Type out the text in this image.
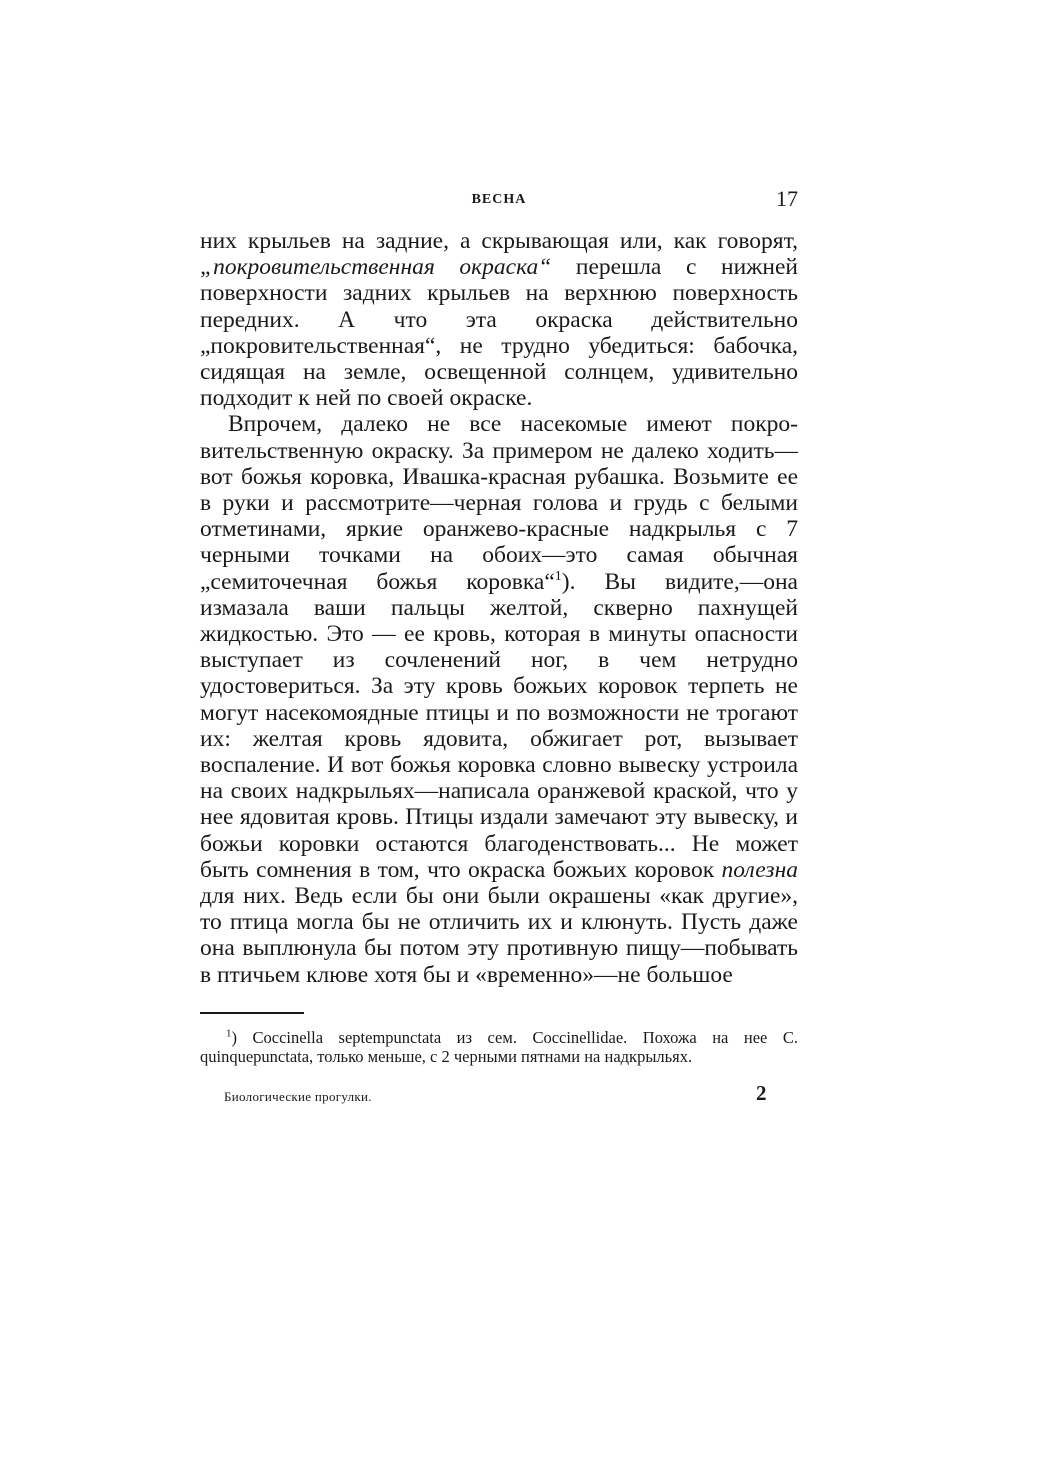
ВЕСНА	17

них крыльев на задние, а скрывающая или, как говорят, „покровительственная окраска“ перешла с нижней поверхности задних крыльев на верхнюю поверхность передних. А что эта окраска действительно „покровительственная“, не трудно убедиться: бабочка, сидящая на земле, освещенной солнцем, удивительно подходит к ней по своей окраске.

Впрочем, далеко не все насекомые имеют покровительственную окраску. За примером не далеко ходить—вот божья коровка, Ивашка-красная рубашка. Возьмите ее в руки и рассмотрите—черная голова и грудь с белыми отметинами, яркие оранжево-красные надкрылья с 7 черными точками на обоих—это самая обычная „семиточечная божья коровка“$^1$). Вы видите,—она измазала ваши пальцы желтой, скверно пахнущей жидкостью. Это — ее кровь, которая в минуты опасности выступает из сочленений ног, в чем нетрудно удостовериться. За эту кровь божьих коровок терпеть не могут насекомоядные птицы и по возможности не трогают их: желтая кровь ядовита, обжигает рот, вызывает воспаление. И вот божья коровка словно вывеску устроила на своих надкрыльях—написала оранжевой краской, что у нее ядовитая кровь. Птицы издали замечают эту вывеску, и божьи коровки остаются благоденствовать... Не может быть сомнения в том, что окраска божьих коровок полезна для них. Ведь если бы они были окрашены «как другие», то птица могла бы не отличить их и клюнуть. Пусть даже она выплюнула бы потом эту противную пищу—побывать в птичьем клюве хотя бы и «временно»—не большое

$^1$) Coccinella septempunctata из сем. Coccinellidae. Похожа на нее C. quinquepunctata, только меньше, с 2 черными пятнами на надкрыльях.
Биологические прогулки.	2
